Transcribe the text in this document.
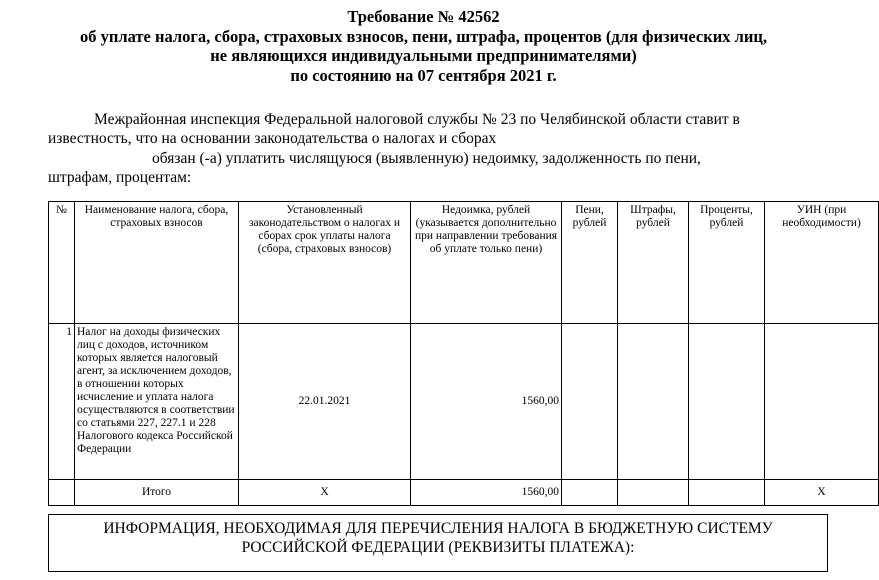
Требование № 42562
об уплате налога, сбора, страховых взносов, пени, штрафа, процентов (для физических лиц,
не являющихся индивидуальными предпринимателями)
по состоянию на 07 сентября 2021 г.
Межрайонная инспекция Федеральной налоговой службы № 23 по Челябинской области ставит в
известность, что на основании законодательства о налогах и сборах
обязан (-а) уплатить числящуюся (выявленную) недоимку, задолженность по пени,
штрафам, процентам:
№	Наименование налога, сбора, страховых взносов	Установленный законодательством о налогах и сборах срок уплаты налога (сбора, страховых взносов)	Недоимка, рублей (указывается дополнительно при направлении требования об уплате только пени)	Пени, рублей	Штрафы, рублей	Проценты, рублей	УИН (при необходимости)
1	Налог на доходы физических лиц с доходов, источником которых является налоговый агент, за исключением доходов, в отношении которых исчисление и уплата налога осуществляются в соответствии со статьями 227, 227.1 и 228 Налогового кодекса Российской Федерации	22.01.2021	1560,00				
	Итого	X	1560,00				X
ИНФОРМАЦИЯ, НЕОБХОДИМАЯ ДЛЯ ПЕРЕЧИСЛЕНИЯ НАЛОГА В БЮДЖЕТНУЮ СИСТЕМУ
РОССИЙСКОЙ ФЕДЕРАЦИИ (РЕКВИЗИТЫ ПЛАТЕЖА):
